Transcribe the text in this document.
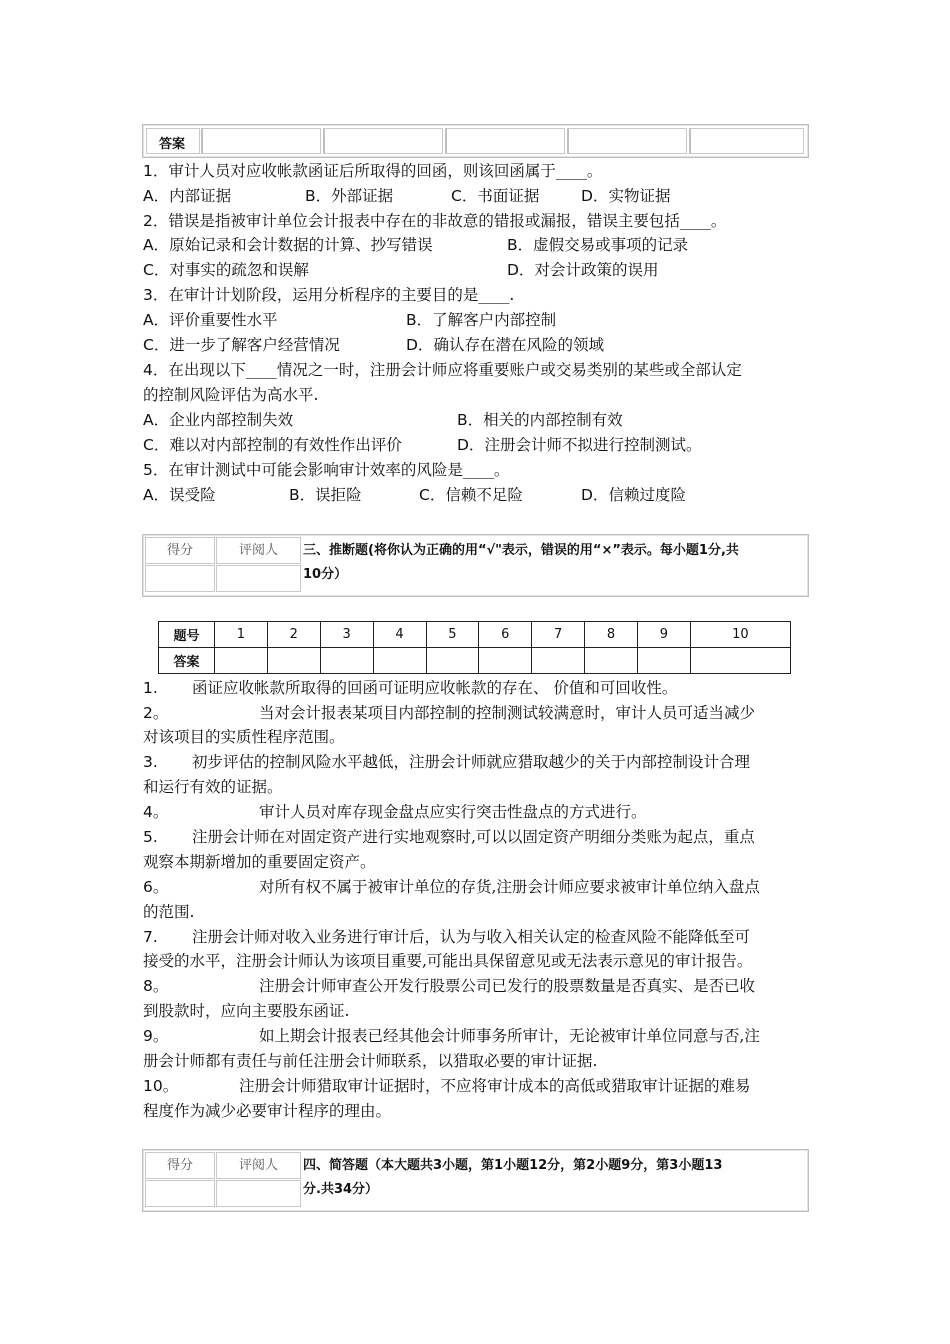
答案
1．审计人员对应收帐款函证后所取得的回函，则该回函属于____。
A．内部证据	B．外部证据	C．书面证据	D．实物证据
2．错误是指被审计单位会计报表中存在的非故意的错报或漏报，错误主要包括____。
A．原始记录和会计数据的计算、抄写错误	B．虚假交易或事项的记录
C．对事实的疏忽和误解	D．对会计政策的误用
3．在审计计划阶段，运用分析程序的主要目的是____.
A．评价重要性水平	B．了解客户内部控制
C．进一步了解客户经营情况	D．确认存在潜在风险的领域
4．在出现以下____情况之一时，注册会计师应将重要账户或交易类别的某些或全部认定
的控制风险评估为高水平.
A．企业内部控制失效	B．相关的内部控制有效
C．难以对内部控制的有效性作出评价	D．注册会计师不拟进行控制测试。
5．在审计测试中可能会影响审计效率的风险是____。
A．误受险	B．误拒险	C．信赖不足险	D．信赖过度险
得分	评阅人	三、推断题(将你认为正确的用“√"表示，错误的用“×”表示。每小题1分,共
10分）
题号	1	2	3	4	5	6	7	8	9	10
答案										
1. 函证应收帐款所取得的回函可证明应收帐款的存在、 价值和可回收性。
2。	当对会计报表某项目内部控制的控制测试较满意时，审计人员可适当减少
对该项目的实质性程序范围。
3. 初步评估的控制风险水平越低，注册会计师就应猎取越少的关于内部控制设计合理
和运行有效的证据。
4。	审计人员对库存现金盘点应实行突击性盘点的方式进行。
5. 注册会计师在对固定资产进行实地观察时,可以以固定资产明细分类账为起点，重点
观察本期新增加的重要固定资产。
6。	对所有权不属于被审计单位的存货,注册会计师应要求被审计单位纳入盘点
的范围.
7. 注册会计师对收入业务进行审计后，认为与收入相关认定的检查风险不能降低至可
接受的水平，注册会计师认为该项目重要,可能出具保留意见或无法表示意见的审计报告。
8。	注册会计师审查公开发行股票公司已发行的股票数量是否真实、是否已收
到股款时，应向主要股东函证.
9。	如上期会计报表已经其他会计师事务所审计，无论被审计单位同意与否,注
册会计师都有责任与前任注册会计师联系，以猎取必要的审计证据.
10。	注册会计师猎取审计证据时，不应将审计成本的高低或猎取审计证据的难易
程度作为减少必要审计程序的理由。
得分	评阅人	四、简答题（本大题共3小题，第1小题12分，第2小题9分，第3小题13
分.共34分）
